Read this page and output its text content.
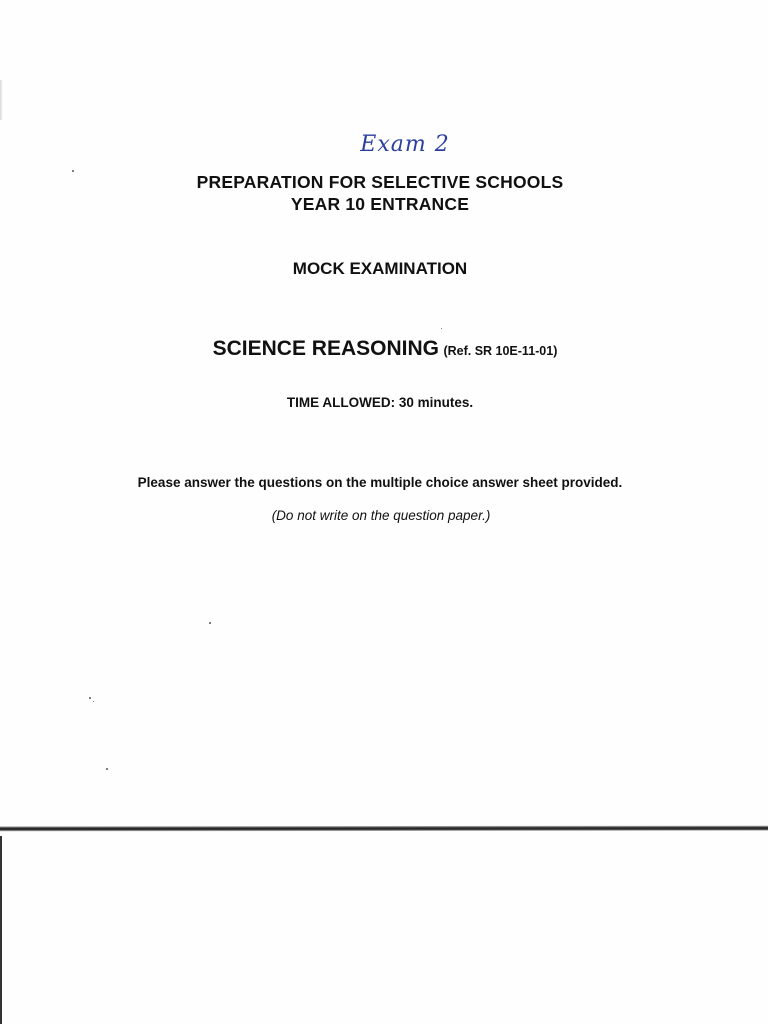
Exam 2
PREPARATION FOR SELECTIVE SCHOOLS
YEAR 10 ENTRANCE
MOCK EXAMINATION
SCIENCE REASONING (Ref. SR 10E-11-01)
TIME ALLOWED: 30 minutes.
Please answer the questions on the multiple choice answer sheet provided.
(Do not write on the question paper.)
